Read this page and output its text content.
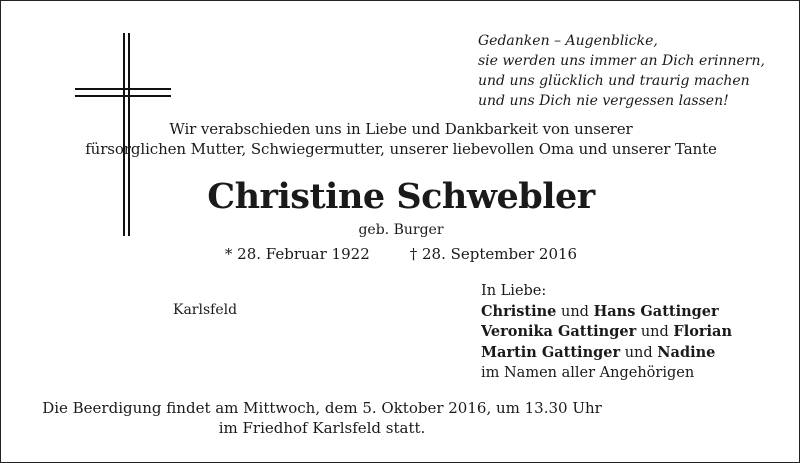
Gedanken – Augenblicke,
sie werden uns immer an Dich erinnern,
und uns glücklich und traurig machen
und uns Dich nie vergessen lassen!
Wir verabschieden uns in Liebe und Dankbarkeit von unserer
fürsorglichen Mutter, Schwiegermutter, unserer liebevollen Oma und unserer Tante
Christine Schwebler
geb. Burger
* 28. Februar 1922	† 28. September 2016
Karlsfeld
In Liebe:
Christine und Hans Gattinger
Veronika Gattinger und Florian
Martin Gattinger und Nadine
im Namen aller Angehörigen
Die Beerdigung findet am Mittwoch, dem 5. Oktober 2016, um 13.30 Uhr
im Friedhof Karlsfeld statt.
